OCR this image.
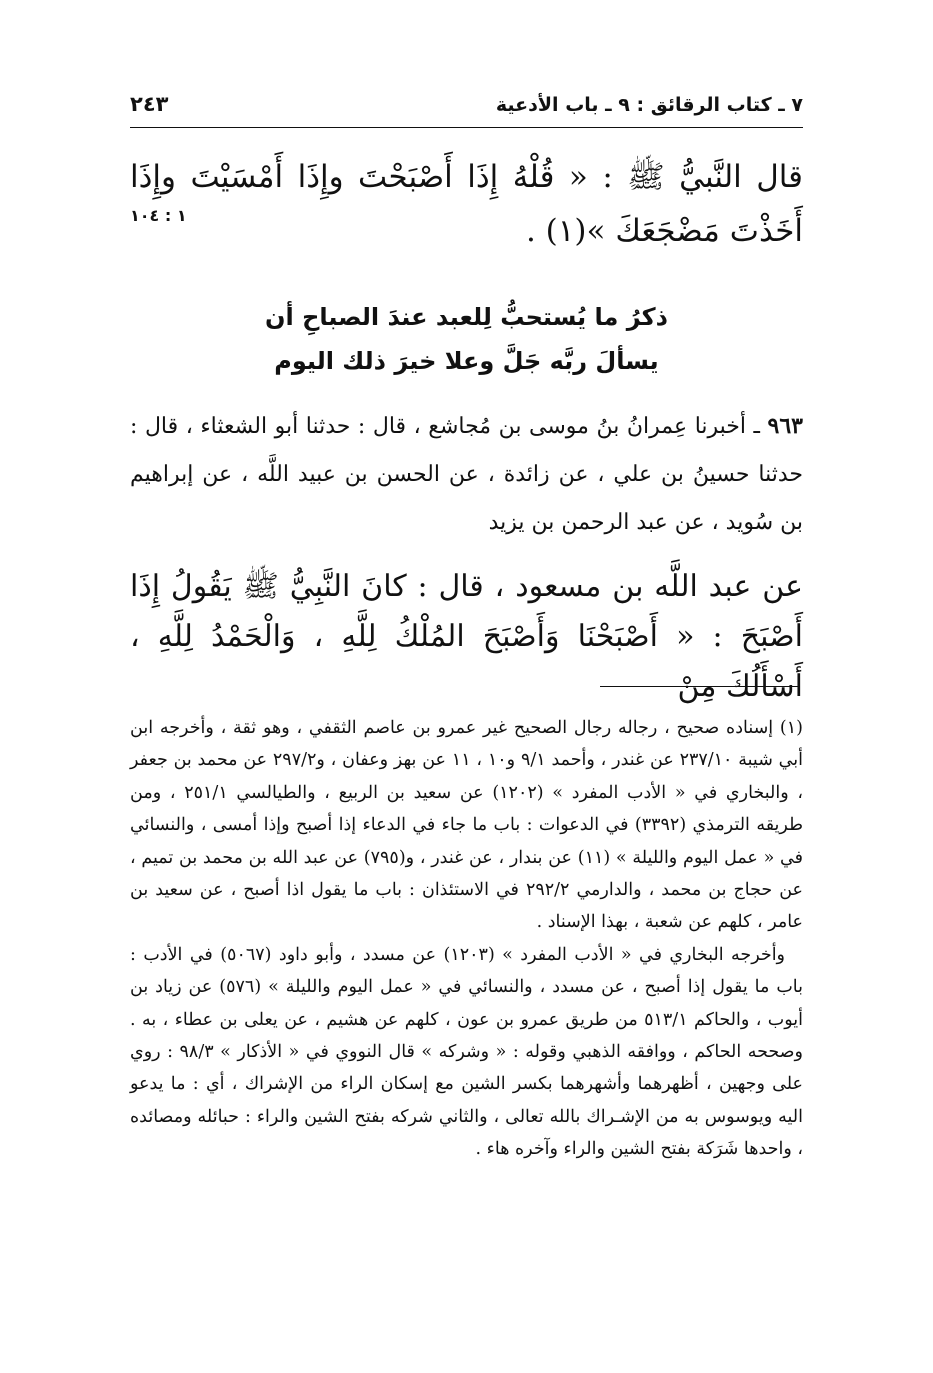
٧ ـ كتاب الرقائق : ٩ ـ باب الأدعية
٢٤٣
قال النَّبيُّ ﷺ : « قُلْهُ إِذَا أَصْبَحْتَ وإِذَا أَمْسَيْتَ وإِذَا أَخَذْتَ مَضْجَعَكَ »(١) .
١ : ١٠٤
ذكرُ ما يُستحبُّ لِلعبد عندَ الصباحِ أن
يسألَ ربَّه جَلَّ وعلا خيرَ ذلك اليوم
٩٦٣ ـ أخبرنا عِمرانُ بنُ موسى بن مُجاشع ، قال : حدثنا أبو الشعثاء ، قال : حدثنا حسينُ بن علي ، عن زائدة ، عن الحسن بن عبيد اللَّه ، عن إبراهيم بن سُويد ، عن عبد الرحمن بن يزيد
عن عبد اللَّه بن مسعود ، قال : كانَ النَّبِيُّ ﷺ يَقُولُ إِذَا أَصْبَحَ : « أَصْبَحْنَا وَأَصْبَحَ المُلْكُ لِلَّهِ ، وَالْحَمْدُ لِلَّهِ ، أَسْأَلُكَ مِنْ

(١) إسناده صحيح ، رجاله رجال الصحيح غير عمرو بن عاصم الثقفي ، وهو ثقة ، وأخرجه ابن أبي شيبة ٢٣٧/١٠ عن غندر ، وأحمد ٩/١ و١٠ ، ١١ عن بهز وعفان ، و٢٩٧/٢ عن محمد بن جعفر ، والبخاري في « الأدب المفرد » (١٢٠٢) عن سعيد بن الربيع ، والطيالسي ٢٥١/١ ، ومن طريقه الترمذي (٣٣٩٢) في الدعوات : باب ما جاء في الدعاء إذا أصبح وإذا أمسى ، والنسائي في « عمل اليوم والليلة » (١١) عن بندار ، عن غندر ، و(٧٩٥) عن عبد الله بن محمد بن تميم ، عن حجاج بن محمد ، والدارمي ٢٩٢/٢ في الاستئذان : باب ما يقول اذا أصبح ، عن سعيد بن عامر ، كلهم عن شعبة ، بهذا الإسناد .

وأخرجه البخاري في « الأدب المفرد » (١٢٠٣) عن مسدد ، وأبو داود (٥٠٦٧) في الأدب : باب ما يقول إذا أصبح ، عن مسدد ، والنسائي في « عمل اليوم والليلة » (٥٧٦) عن زياد بن أيوب ، والحاكم ٥١٣/١ من طريق عمرو بن عون ، كلهم عن هشيم ، عن يعلى بن عطاء ، به . وصححه الحاكم ، ووافقه الذهبي وقوله : « وشركه » قال النووي في « الأذكار » ٩٨/٣ : روي على وجهين ، أظهرهما وأشهرهما بكسر الشين مع إسكان الراء من الإشراك ، أي : ما يدعو اليه ويوسوس به من الإشـراك بالله تعالى ، والثاني شركه بفتح الشين والراء : حبائله ومصائده ، واحدها شَرَكة بفتح الشين والراء وآخره هاء .
